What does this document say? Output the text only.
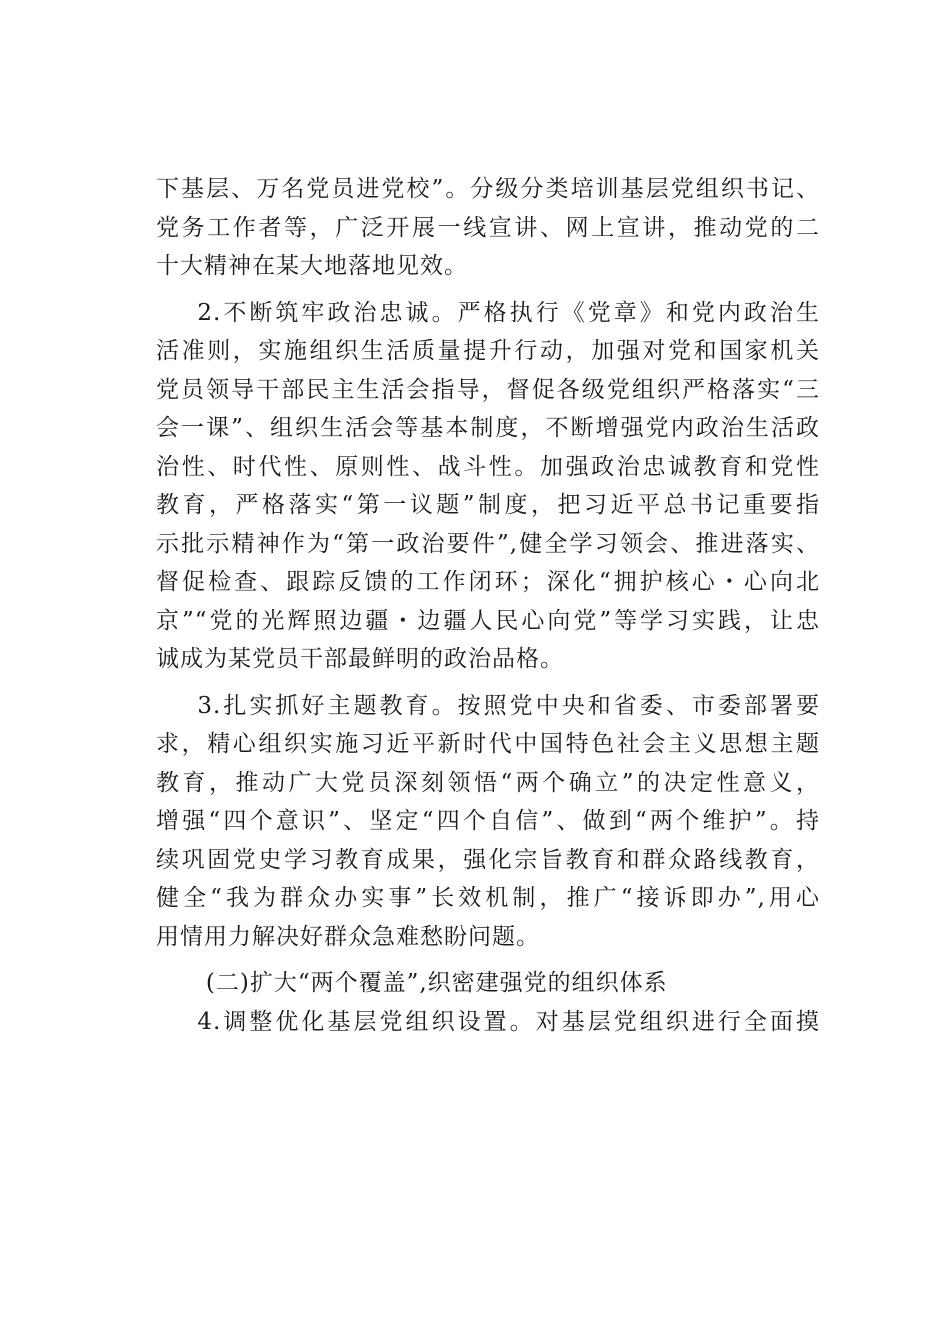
下基层、万名党员进党校”。分级分类培训基层党组织书记、
党务工作者等，广泛开展一线宣讲、网上宣讲，推动党的二
十大精神在某大地落地见效。
2.不断筑牢政治忠诚。严格执行《党章》和党内政治生
活准则，实施组织生活质量提升行动，加强对党和国家机关
党员领导干部民主生活会指导，督促各级党组织严格落实“三
会一课”、组织生活会等基本制度，不断增强党内政治生活政
治性、时代性、原则性、战斗性。加强政治忠诚教育和党性
教育，严格落实“第一议题”制度，把习近平总书记重要指
示批示精神作为“第一政治要件”,健全学习领会、推进落实、
督促检查、跟踪反馈的工作闭环；深化“拥护核心・心向北
京”“党的光辉照边疆・边疆人民心向党”等学习实践，让忠
诚成为某党员干部最鲜明的政治品格。
3.扎实抓好主题教育。按照党中央和省委、市委部署要
求，精心组织实施习近平新时代中国特色社会主义思想主题
教育，推动广大党员深刻领悟“两个确立”的决定性意义，
增强“四个意识”、坚定“四个自信”、做到“两个维护”。持
续巩固党史学习教育成果，强化宗旨教育和群众路线教育，
健全“我为群众办实事”长效机制，推广“接诉即办”,用心
用情用力解决好群众急难愁盼问题。
(二)扩大“两个覆盖”,织密建强党的组织体系
4.调整优化基层党组织设置。对基层党组织进行全面摸
